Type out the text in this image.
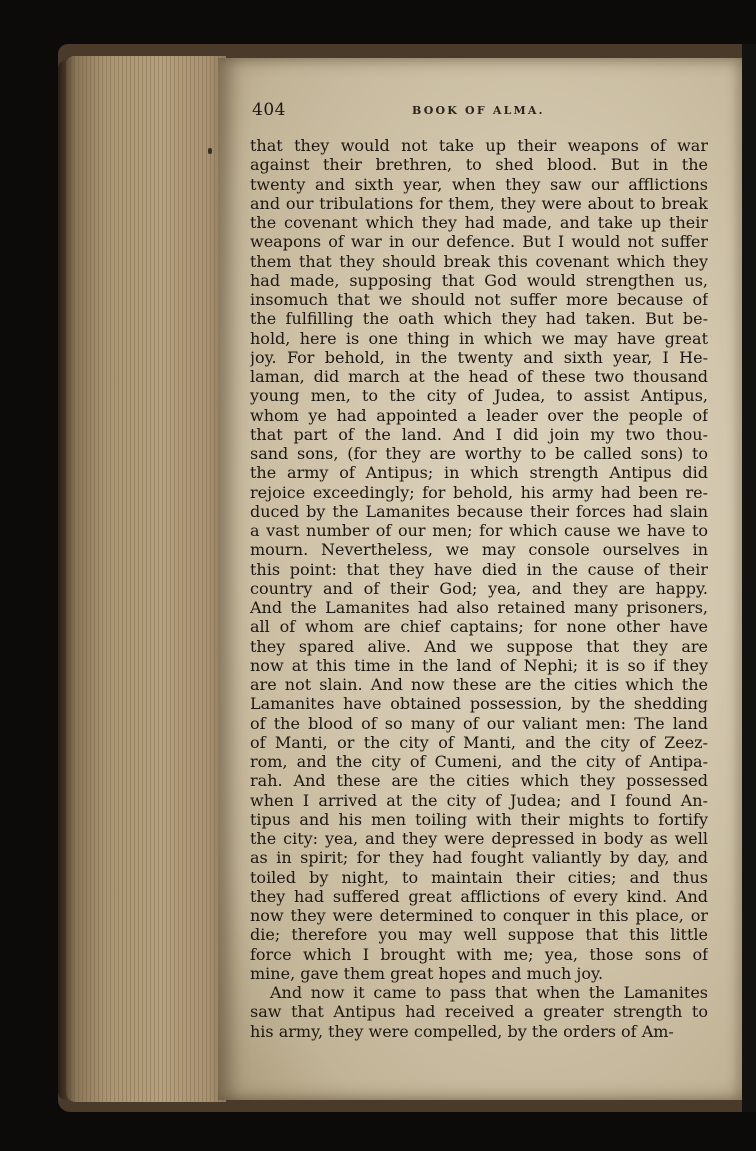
404	BOOK OF ALMA.
that they would not take up their weapons of war
against their brethren, to shed blood. But in the
twenty and sixth year, when they saw our afflictions
and our tribulations for them, they were about to break
the covenant which they had made, and take up their
weapons of war in our defence. But I would not suffer
them that they should break this covenant which they
had made, supposing that God would strengthen us,
insomuch that we should not suffer more because of
the fulfilling the oath which they had taken. But be-
hold, here is one thing in which we may have great
joy. For behold, in the twenty and sixth year, I He-
laman, did march at the head of these two thousand
young men, to the city of Judea, to assist Antipus,
whom ye had appointed a leader over the people of
that part of the land. And I did join my two thou-
sand sons, (for they are worthy to be called sons) to
the army of Antipus; in which strength Antipus did
rejoice exceedingly; for behold, his army had been re-
duced by the Lamanites because their forces had slain
a vast number of our men; for which cause we have to
mourn. Nevertheless, we may console ourselves in
this point: that they have died in the cause of their
country and of their God; yea, and they are happy.
And the Lamanites had also retained many prisoners,
all of whom are chief captains; for none other have
they spared alive. And we suppose that they are
now at this time in the land of Nephi; it is so if they
are not slain. And now these are the cities which the
Lamanites have obtained possession, by the shedding
of the blood of so many of our valiant men: The land
of Manti, or the city of Manti, and the city of Zeez-
rom, and the city of Cumeni, and the city of Antipa-
rah. And these are the cities which they possessed
when I arrived at the city of Judea; and I found An-
tipus and his men toiling with their mights to fortify
the city: yea, and they were depressed in body as well
as in spirit; for they had fought valiantly by day, and
toiled by night, to maintain their cities; and thus
they had suffered great afflictions of every kind. And
now they were determined to conquer in this place, or
die; therefore you may well suppose that this little
force which I brought with me; yea, those sons of
mine, gave them great hopes and much joy.
And now it came to pass that when the Lamanites
saw that Antipus had received a greater strength to
his army, they were compelled, by the orders of Am-
